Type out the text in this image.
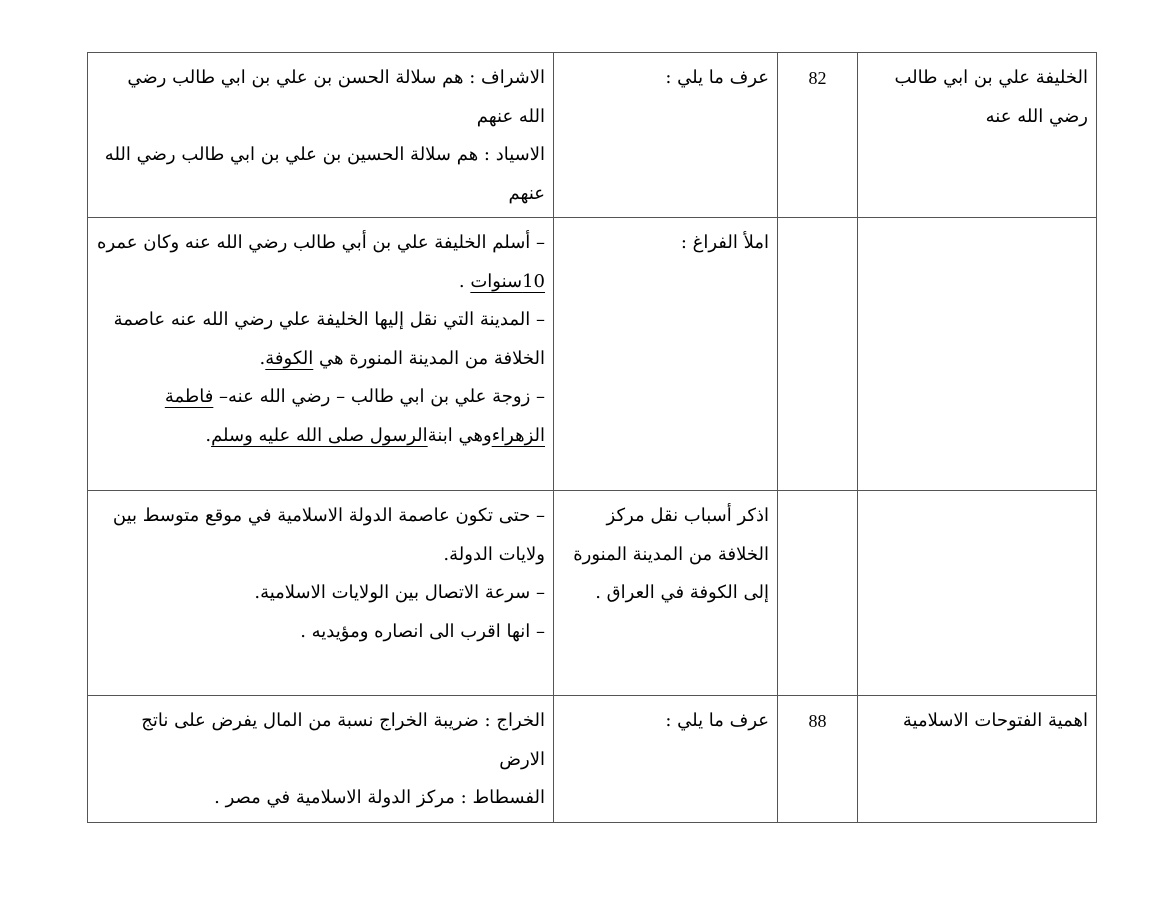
الخليفة علي بن ابي طالب رضي الله عنه	82	عرف ما يلي :	الاشراف : هم سلالة الحسن بن علي بن ابي طالب رضي الله عنهم
الاسياد : هم سلالة الحسين بن علي بن ابي طالب رضي الله عنهم

		املأ الفراغ :	– أسلم الخليفة علي بن أبي طالب رضي الله عنه وكان عمره 10سنوات .
– المدينة التي نقل إليها الخليفة علي رضي الله عنه عاصمة الخلافة من المدينة المنورة هي الكوفة.
– زوجة علي بن ابي طالب – رضي الله عنه– فاطمة الزهراءوهي ابنةالرسول صلى الله عليه وسلم.

		اذكر أسباب نقل مركز الخلافة من المدينة المنورة إلى الكوفة في العراق .	– حتى تكون عاصمة الدولة الاسلامية في موقع متوسط بين ولايات الدولة.
– سرعة الاتصال بين الولايات الاسلامية.
– انها اقرب الى انصاره ومؤيديه .

اهمية الفتوحات الاسلامية	88	عرف ما يلي :	الخراج : ضريبة الخراج نسبة من المال يفرض على ناتج الارض
الفسطاط : مركز الدولة الاسلامية في مصر .
